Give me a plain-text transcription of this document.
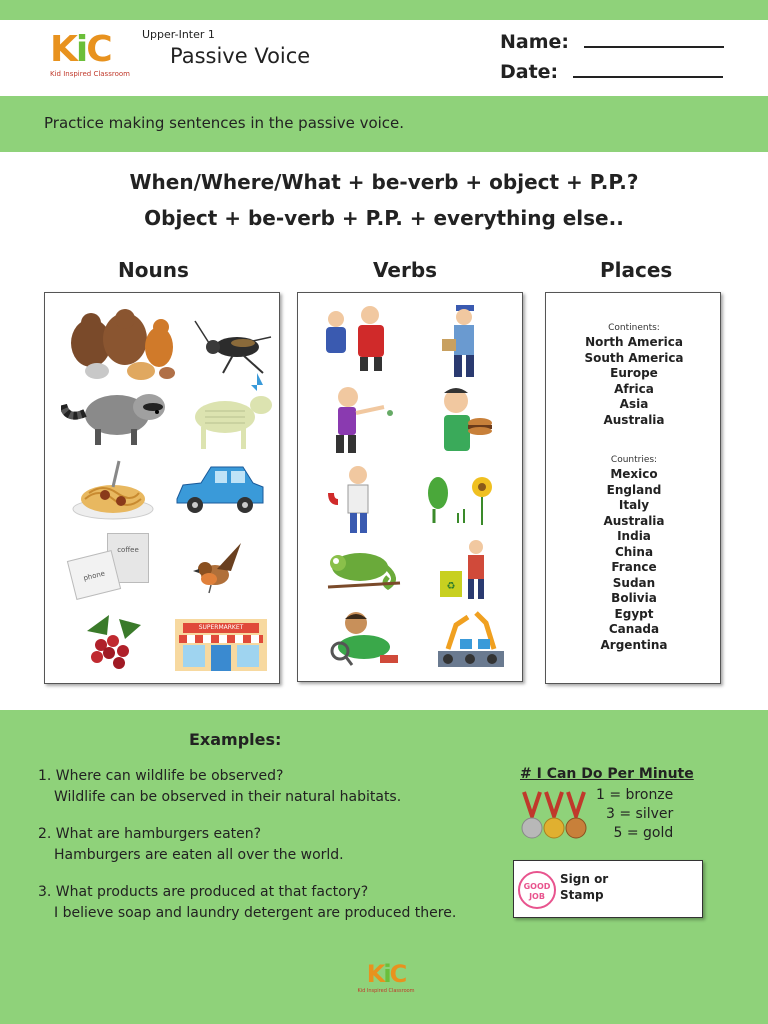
KiC
Kid Inspired Classroom
Upper-Inter 1
Passive Voice
Name:
Date:
Practice making sentences in the passive voice.
When/Where/What + be-verb + object + P.P.?
Object + be-verb + P.P. + everything else..
Nouns	Verbs	Places
coffee
phone
SUPERMARKET
♻
Continents:
North America
South America
Europe
Africa
Asia
Australia
Countries:
Mexico
England
Italy
Australia
India
China
France
Sudan
Bolivia
Egypt
Canada
Argentina
Examples:
1. Where can wildlife be observed?
Wildlife can be observed in their natural habitats.
2. What are hamburgers eaten?
Hamburgers are eaten all over the world.
3. What products are produced at that factory?
I believe soap and laundry detergent are produced there.
# I Can Do Per Minute
1 = bronze
3 = silver
5 = gold
GOOD JOB
Sign or
Stamp
KiC
Kid Inspired Classroom
